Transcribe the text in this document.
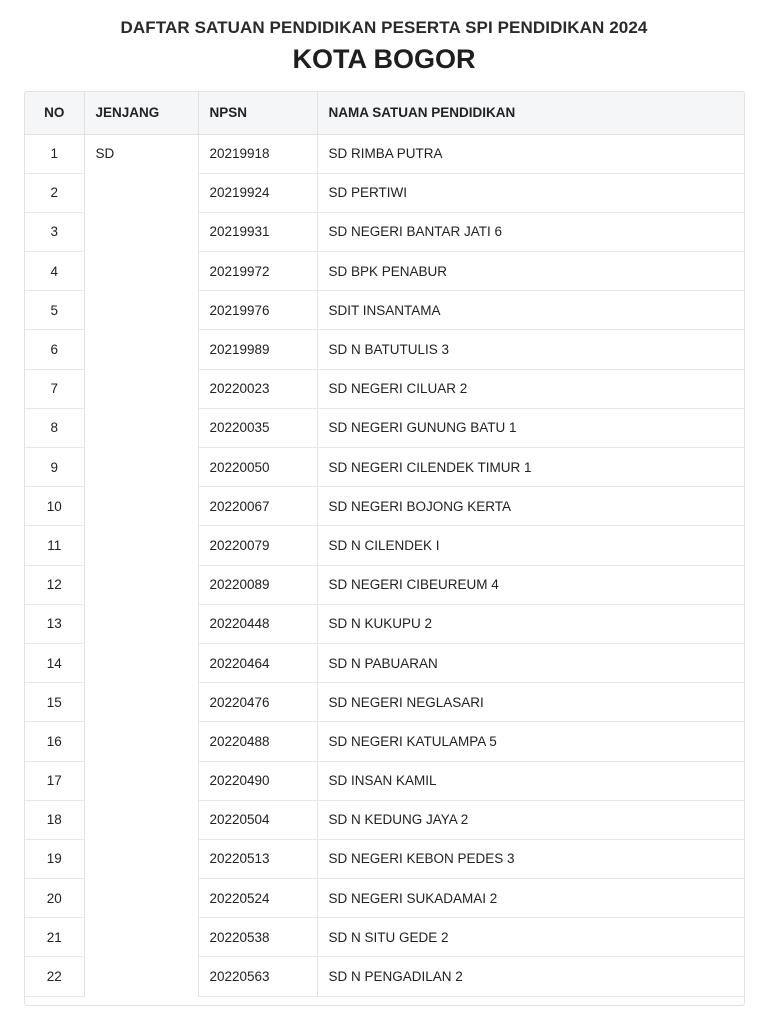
DAFTAR SATUAN PENDIDIKAN PESERTA SPI PENDIDIKAN 2024
KOTA BOGOR
NO	JENJANG	NPSN	NAMA SATUAN PENDIDIKAN
1	SD	20219918	SD RIMBA PUTRA
2		20219924	SD PERTIWI
3		20219931	SD NEGERI BANTAR JATI 6
4		20219972	SD BPK PENABUR
5		20219976	SDIT INSANTAMA
6		20219989	SD N BATUTULIS 3
7		20220023	SD NEGERI CILUAR 2
8		20220035	SD NEGERI GUNUNG BATU 1
9		20220050	SD NEGERI CILENDEK TIMUR 1
10		20220067	SD NEGERI BOJONG KERTA
11		20220079	SD N CILENDEK I
12		20220089	SD NEGERI CIBEUREUM 4
13		20220448	SD N KUKUPU 2
14		20220464	SD N PABUARAN
15		20220476	SD NEGERI NEGLASARI
16		20220488	SD NEGERI KATULAMPA 5
17		20220490	SD INSAN KAMIL
18		20220504	SD N KEDUNG JAYA 2
19		20220513	SD NEGERI KEBON PEDES 3
20		20220524	SD NEGERI SUKADAMAI 2
21		20220538	SD N SITU GEDE 2
22		20220563	SD N PENGADILAN 2
